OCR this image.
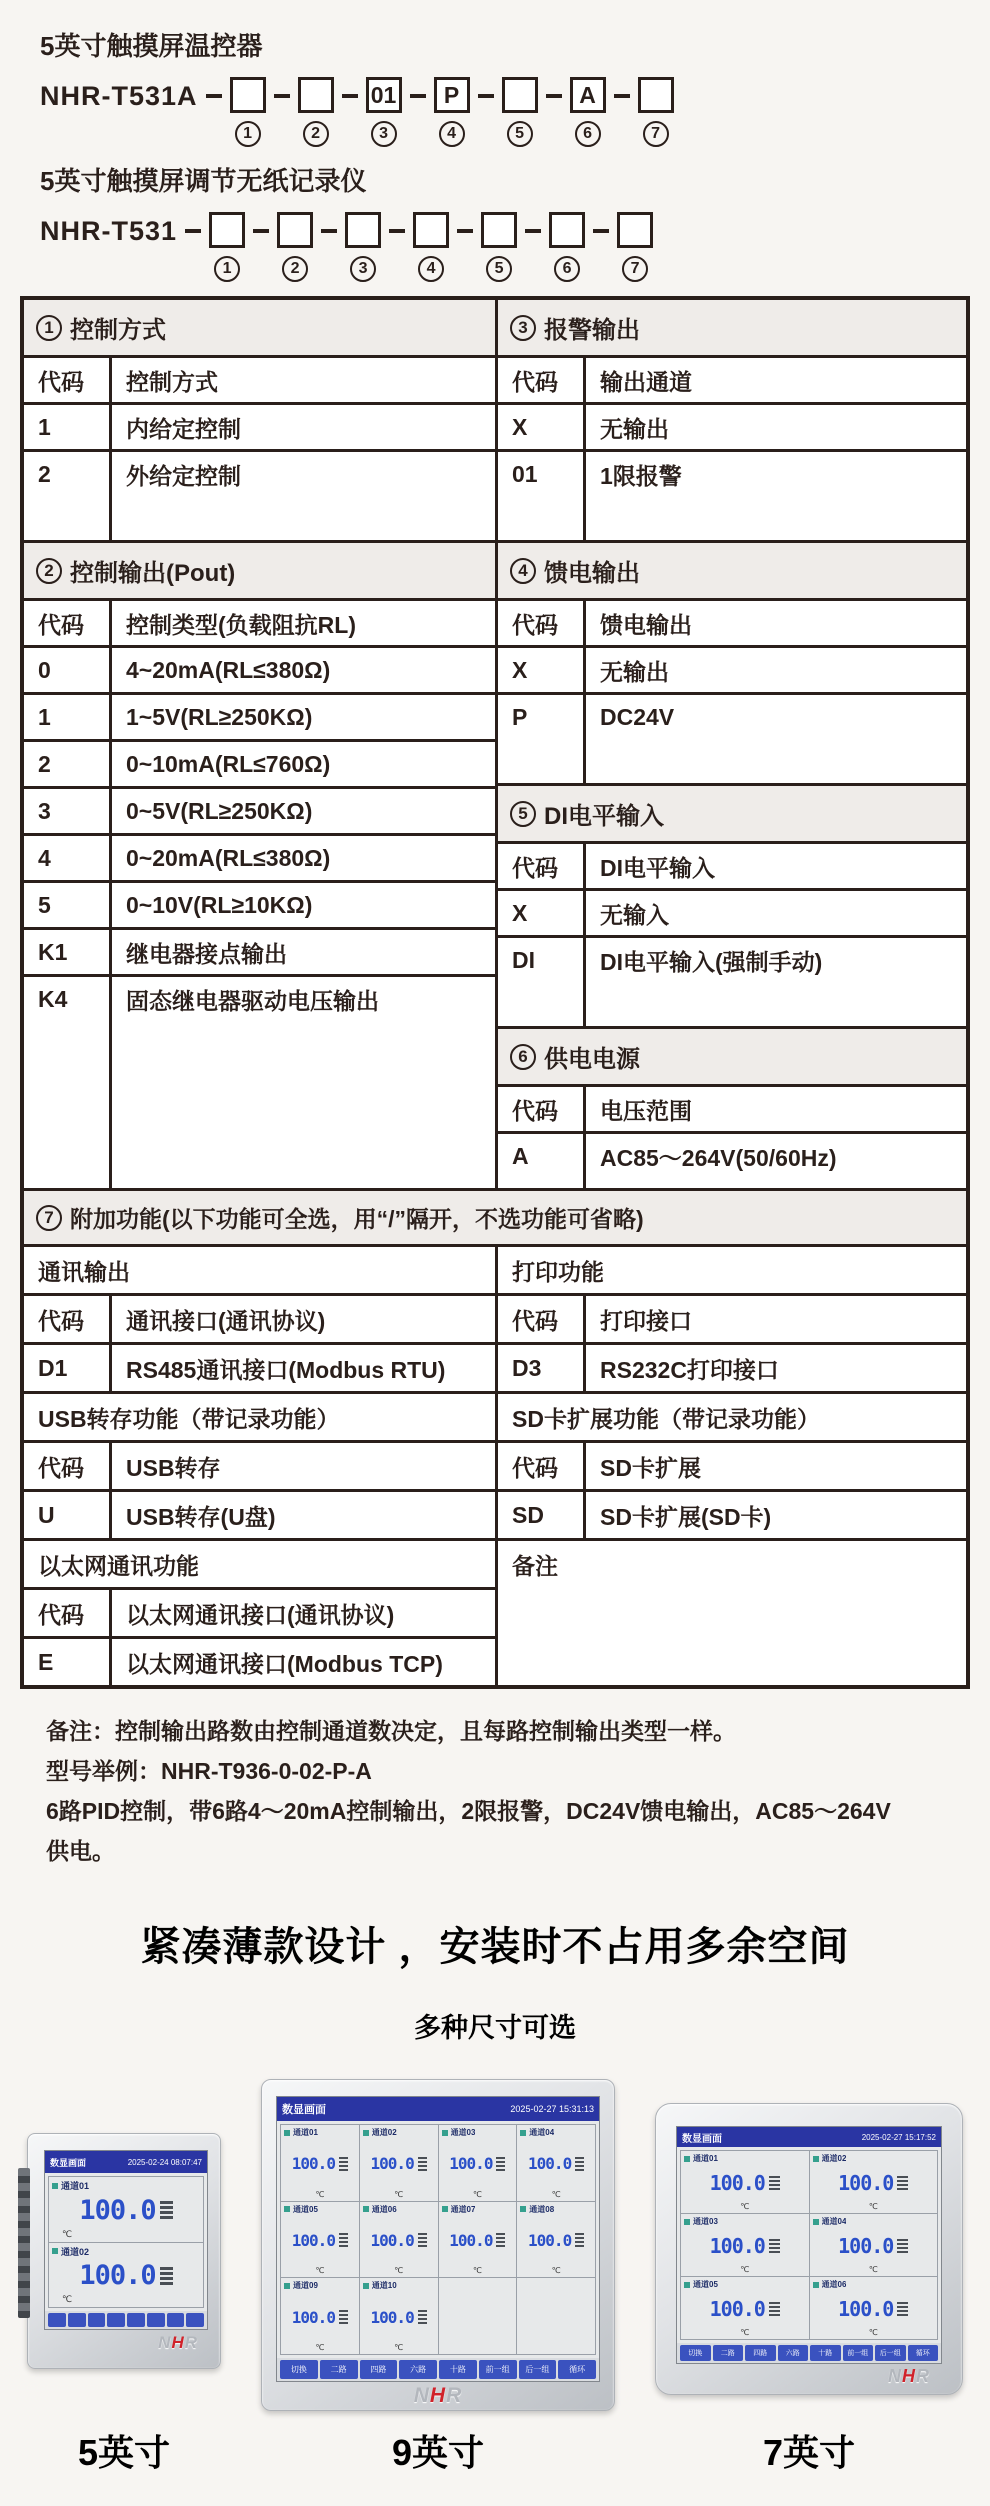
5英寸触摸屏温控器
NHR-T531A
1	2
01
3
P
4	5
A
6	7
5英寸触摸屏调节无纸记录仪
NHR-T531
1	2	3	4	5	6	7
1 控制方式
代码	控制方式
1	内给定控制
2	外给定控制
2 控制输出(Pout)
代码	控制类型(负载阻抗RL)
0	4~20mA(RL≤380Ω)
1	1~5V(RL≥250KΩ)
2	0~10mA(RL≤760Ω)
3	0~5V(RL≥250KΩ)
4	0~20mA(RL≤380Ω)
5	0~10V(RL≥10KΩ)
K1	继电器接点输出
K4	固态继电器驱动电压输出
3 报警输出
代码	输出通道
X	无输出
01	1限报警
4 馈电输出
代码	馈电输出
X	无输出
P	DC24V
5 DI电平输入
代码	DI电平输入
X	无输入
DI	DI电平输入(强制手动)
6 供电电源
代码	电压范围
A	AC85～264V(50/60Hz)
7 附加功能(以下功能可全选，用“/”隔开，不选功能可省略)
通讯输出
代码	通讯接口(通讯协议)
D1	RS485通讯接口(Modbus RTU)
USB转存功能（带记录功能）
代码	USB转存
U	USB转存(U盘)
以太网通讯功能
代码	以太网通讯接口(通讯协议)
E	以太网通讯接口(Modbus TCP)
打印功能
代码	打印接口
D3	RS232C打印接口
SD卡扩展功能（带记录功能）
代码	SD卡扩展
SD	SD卡扩展(SD卡)
备注

备注：控制输出路数由控制通道数决定，且每路控制输出类型一样。

型号举例：NHR-T936-0-02-P-A

6路PID控制，带6路4～20mA控制输出，2限报警，DC24V馈电输出，AC85～264V

供电。

紧凑薄款设计 ，安装时不占用多余空间
多种尺寸可选
数显画面	2025-02-24 08:07:47
通道01
100.0
℃
通道02
100.0
℃
NHR
5英寸
数显画面	2025-02-27 15:31:13
通道01
100.0
℃
通道02
100.0
℃
通道03
100.0
℃
通道04
100.0
℃
通道05
100.0
℃
通道06
100.0
℃
通道07
100.0
℃
通道08
100.0
℃
通道09
100.0
℃
通道10
100.0
℃
切换	二路	四路	六路	十路	前一组	后一组	循环
NHR
9英寸
数显画面	2025-02-27 15:17:52
通道01
100.0
℃
通道02
100.0
℃
通道03
100.0
℃
通道04
100.0
℃
通道05
100.0
℃
通道06
100.0
℃
切换	二路	四路	六路	十路	前一组	后一组	循环
NHR
7英寸
